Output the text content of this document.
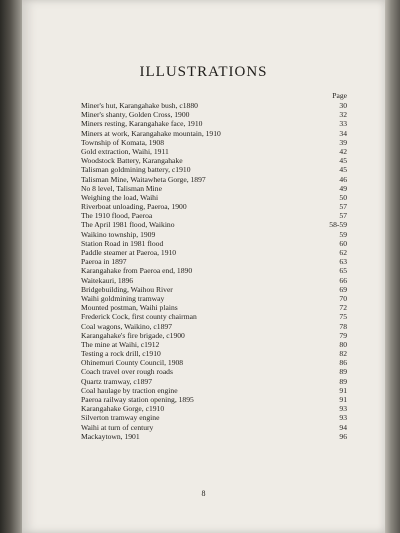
ILLUSTRATIONS
Page
Miner's hut, Karangahake bush, c1880	30
Miner's shanty, Golden Cross, 1900	32
Miners resting, Karangahake face, 1910	33
Miners at work, Karangahake mountain, 1910	34
Township of Komata, 1908	39
Gold extraction, Waihi, 1911	42
Woodstock Battery, Karangahake	45
Talisman goldmining battery, c1910	45
Talisman Mine, Waitawheta Gorge, 1897	46
No 8 level, Talisman Mine	49
Weighing the load, Waihi	50
Riverboat unloading, Paeroa, 1900	57
The 1910 flood, Paeroa	57
The April 1981 flood, Waikino	58-59
Waikino township, 1909	59
Station Road in 1981 flood	60
Paddle steamer at Paeroa, 1910	62
Paeroa in 1897	63
Karangahake from Paeroa end, 1890	65
Waitekauri, 1896	66
Bridgebuilding, Waihou River	69
Waihi goldmining tramway	70
Mounted postman, Waihi plains	72
Frederick Cock, first county chairman	75
Coal wagons, Waikino, c1897	78
Karangahake's fire brigade, c1900	79
The mine at Waihi, c1912	80
Testing a rock drill, c1910	82
Ohinemuri County Council, 1908	86
Coach travel over rough roads	89
Quartz tramway, c1897	89
Coal haulage by traction engine	91
Paeroa railway station opening, 1895	91
Karangahake Gorge, c1910	93
Silverton tramway engine	93
Waihi at turn of century	94
Mackaytown, 1901	96
8
